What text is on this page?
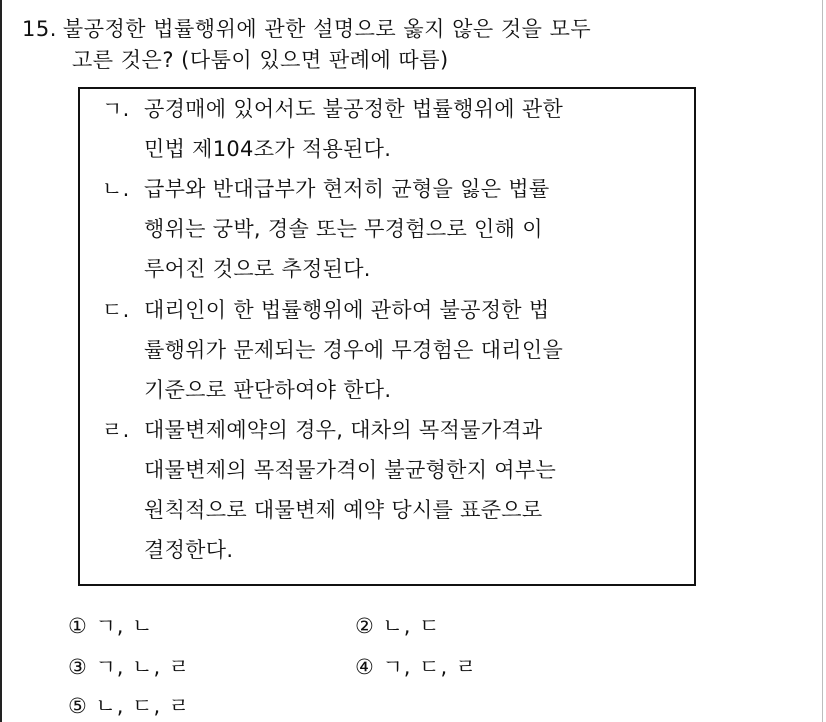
15. 불공정한 법률행위에 관한 설명으로 옳지 않은 것을 모두
고른 것은? (다툼이 있으면 판례에 따름)
ㄱ. 공경매에 있어서도 불공정한 법률행위에 관한
민법 제104조가 적용된다.
ㄴ. 급부와 반대급부가 현저히 균형을 잃은 법률
행위는 궁박, 경솔 또는 무경험으로 인해 이
루어진 것으로 추정된다.
ㄷ. 대리인이 한 법률행위에 관하여 불공정한 법
률행위가 문제되는 경우에 무경험은 대리인을
기준으로 판단하여야 한다.
ㄹ. 대물변제예약의 경우, 대차의 목적물가격과
대물변제의 목적물가격이 불균형한지 여부는
원칙적으로 대물변제 예약 당시를 표준으로
결정한다.
① ㄱ, ㄴ	② ㄴ, ㄷ
③ ㄱ, ㄴ, ㄹ	④ ㄱ, ㄷ, ㄹ
⑤ ㄴ, ㄷ, ㄹ
